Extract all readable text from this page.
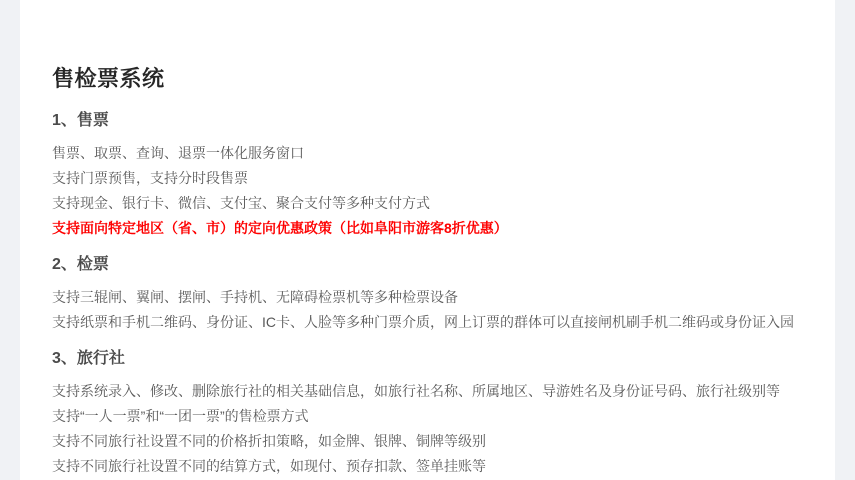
售检票系统
1、售票

售票、取票、查询、退票一体化服务窗口

支持门票预售，支持分时段售票

支持现金、银行卡、微信、支付宝、聚合支付等多种支付方式

支持面向特定地区（省、市）的定向优惠政策（比如阜阳市游客8折优惠）

2、检票

支持三辊闸、翼闸、摆闸、手持机、无障碍检票机等多种检票设备

支持纸票和手机二维码、身份证、IC卡、人脸等多种门票介质，网上订票的群体可以直接闸机刷手机二维码或身份证入园

3、旅行社

支持系统录入、修改、删除旅行社的相关基础信息，如旅行社名称、所属地区、导游姓名及身份证号码、旅行社级别等

支持“一人一票”和“一团一票”的售检票方式

支持不同旅行社设置不同的价格折扣策略，如金牌、银牌、铜牌等级别

支持不同旅行社设置不同的结算方式，如现付、预存扣款、签单挂账等
